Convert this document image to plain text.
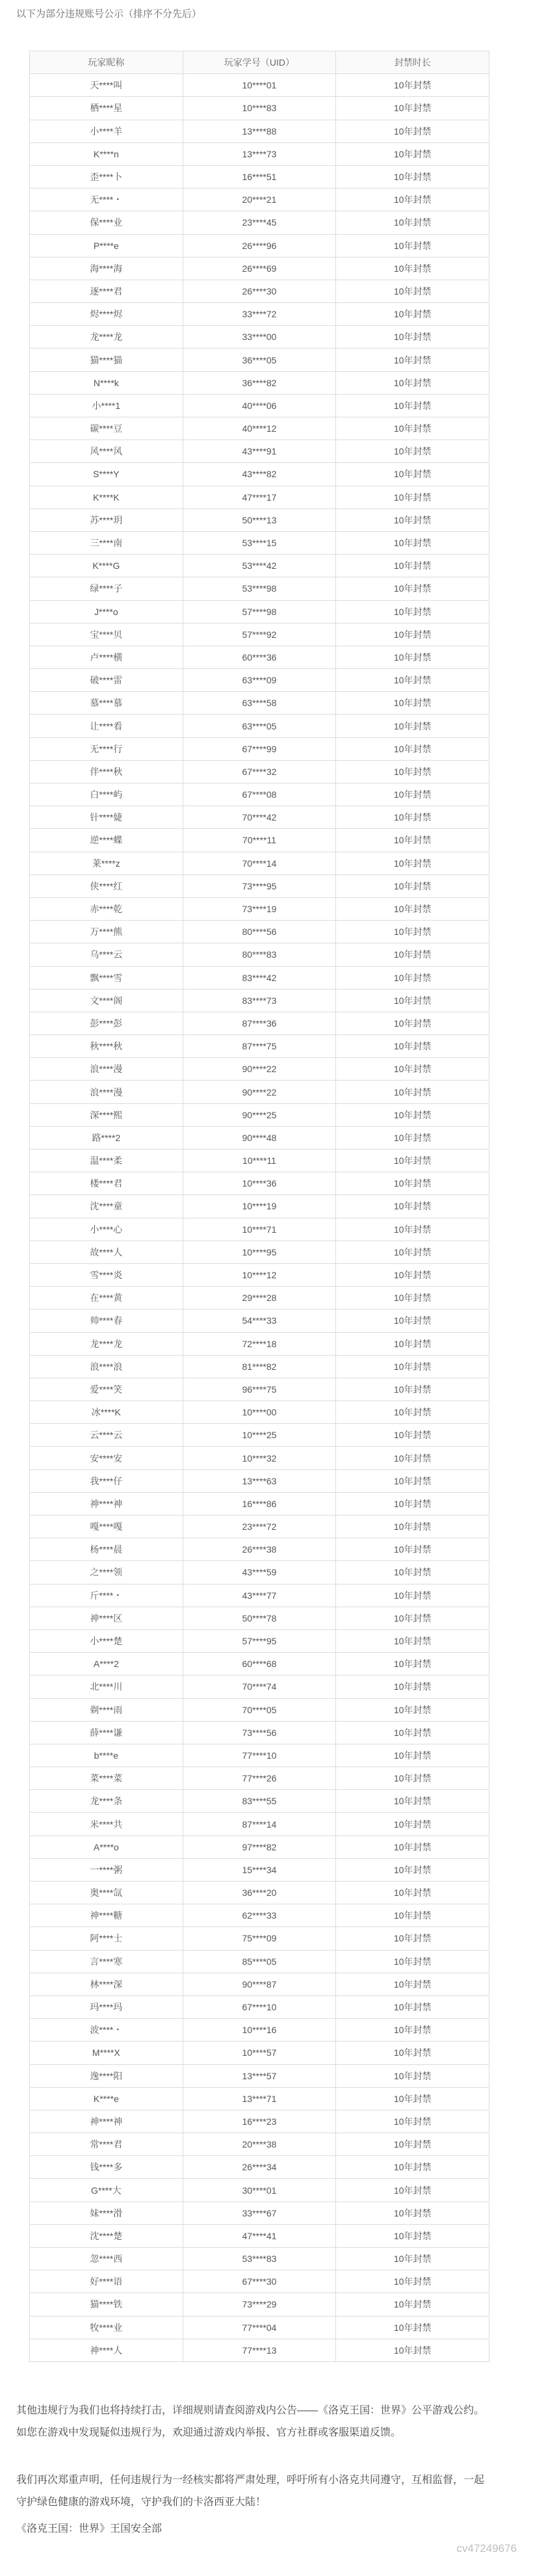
以下为部分违规账号公示（排序不分先后）
玩家昵称	玩家学号（UID）	封禁时长
天****叫	10****01	10年封禁
栖****星	10****83	10年封禁
小****羊	13****88	10年封禁
K****n	13****73	10年封禁
歪****卜	16****51	10年封禁
无****・	20****21	10年封禁
保****业	23****45	10年封禁
P****e	26****96	10年封禁
海****海	26****69	10年封禁
逐****君	26****30	10年封禁
烬****烬	33****72	10年封禁
龙****龙	33****00	10年封禁
猫****猫	36****05	10年封禁
N****k	36****82	10年封禁
小****1	40****06	10年封禁
碳****豆	40****12	10年封禁
风****风	43****91	10年封禁
S****Y	43****82	10年封禁
K****K	47****17	10年封禁
苏****玥	50****13	10年封禁
三****南	53****15	10年封禁
K****G	53****42	10年封禁
绿****子	53****98	10年封禁
J****o	57****98	10年封禁
宝****贝	57****92	10年封禁
卢****横	60****36	10年封禁
破****雷	63****09	10年封禁
慕****慕	63****58	10年封禁
让****看	63****05	10年封禁
无****行	67****99	10年封禁
伴****秋	67****32	10年封禁
白****屿	67****08	10年封禁
针****婕	70****42	10年封禁
逆****蝶	70****11	10年封禁
莱****z	70****14	10年封禁
侠****红	73****95	10年封禁
赤****乾	73****19	10年封禁
万****熊	80****56	10年封禁
乌****云	80****83	10年封禁
飘****雪	83****42	10年封禁
文****阁	83****73	10年封禁
彭****彭	87****36	10年封禁
秋****秋	87****75	10年封禁
浪****漫	90****22	10年封禁
浪****漫	90****22	10年封禁
深****熙	90****25	10年封禁
路****2	90****48	10年封禁
温****柔	10****11	10年封禁
楼****君	10****36	10年封禁
沈****童	10****19	10年封禁
小****心	10****71	10年封禁
故****人	10****95	10年封禁
雪****炎	10****12	10年封禁
在****黄	29****28	10年封禁
帅****春	54****33	10年封禁
龙****龙	72****18	10年封禁
浪****浪	81****82	10年封禁
爱****笑	96****75	10年封禁
冰****K	10****00	10年封禁
云****云	10****25	10年封禁
安****安	10****32	10年封禁
我****仔	13****63	10年封禁
神****神	16****86	10年封禁
嘎****嘎	23****72	10年封禁
杨****晨	26****38	10年封禁
之****领	43****59	10年封禁
斤****・	43****77	10年封禁
神****区	50****78	10年封禁
小****楚	57****95	10年封禁
A****2	60****68	10年封禁
北****川	70****74	10年封禁
剃****雨	70****05	10年封禁
薛****谦	73****56	10年封禁
b****e	77****10	10年封禁
菜****菜	77****26	10年封禁
龙****条	83****55	10年封禁
米****共	87****14	10年封禁
A****o	97****82	10年封禁
一****粥	15****34	10年封禁
奥****氙	36****20	10年封禁
神****糖	62****33	10年封禁
阿****士	75****09	10年封禁
言****寒	85****05	10年封禁
林****深	90****87	10年封禁
玛****玛	67****10	10年封禁
波****・	10****16	10年封禁
M****X	10****57	10年封禁
逸****阳	13****57	10年封禁
K****e	13****71	10年封禁
神****神	16****23	10年封禁
常****君	20****38	10年封禁
钱****多	26****34	10年封禁
G****大	30****01	10年封禁
妹****滑	33****67	10年封禁
沈****楚	47****41	10年封禁
忽****西	53****83	10年封禁
好****语	67****30	10年封禁
猫****铁	73****29	10年封禁
牧****业	77****04	10年封禁
神****人	77****13	10年封禁
其他违规行为我们也将持续打击，详细规则请查阅游戏内公告——《洛克王国：世界》公平游戏公约。
如您在游戏中发现疑似违规行为，欢迎通过游戏内举报、官方社群或客服渠道反馈。
我们再次郑重声明，任何违规行为一经核实都将严肃处理，呼吁所有小洛克共同遵守，互相监督，一起
守护绿色健康的游戏环境，守护我们的卡洛西亚大陆！
《洛克王国：世界》王国安全部
cv47249676
